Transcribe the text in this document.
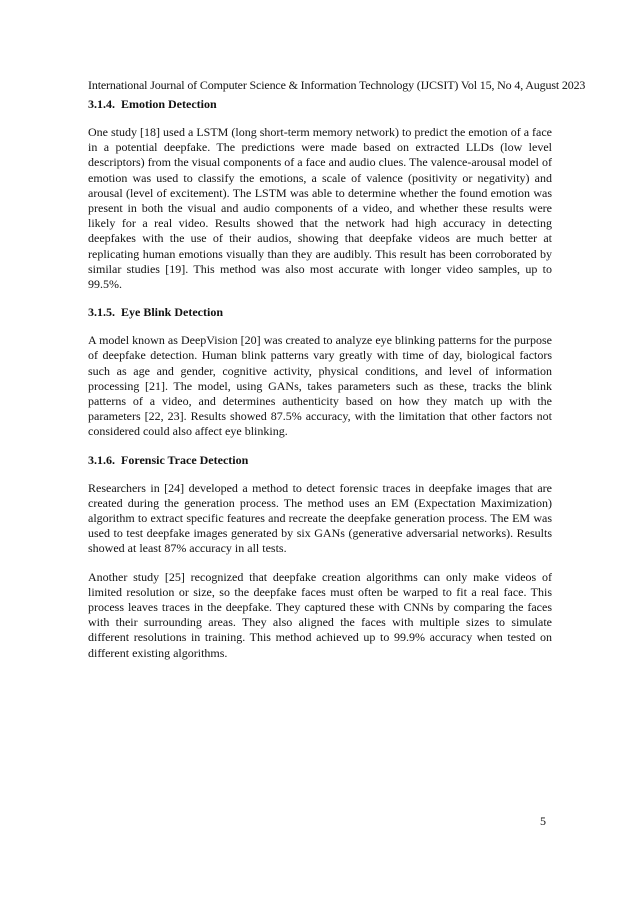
International Journal of Computer Science & Information Technology (IJCSIT) Vol 15, No 4, August 2023
3.1.4. Emotion Detection

One study [18] used a LSTM (long short-term memory network) to predict the emotion of a face in a potential deepfake. The predictions were made based on extracted LLDs (low level descriptors) from the visual components of a face and audio clues. The valence-arousal model of emotion was used to classify the emotions, a scale of valence (positivity or negativity) and arousal (level of excitement). The LSTM was able to determine whether the found emotion was present in both the visual and audio components of a video, and whether these results were likely for a real video. Results showed that the network had high accuracy in detecting deepfakes with the use of their audios, showing that deepfake videos are much better at replicating human emotions visually than they are audibly. This result has been corroborated by similar studies [19]. This method was also most accurate with longer video samples, up to 99.5%.

3.1.5. Eye Blink Detection

A model known as DeepVision [20] was created to analyze eye blinking patterns for the purpose of deepfake detection. Human blink patterns vary greatly with time of day, biological factors such as age and gender, cognitive activity, physical conditions, and level of information processing [21]. The model, using GANs, takes parameters such as these, tracks the blink patterns of a video, and determines authenticity based on how they match up with the parameters [22, 23]. Results showed 87.5% accuracy, with the limitation that other factors not considered could also affect eye blinking.

3.1.6. Forensic Trace Detection

Researchers in [24] developed a method to detect forensic traces in deepfake images that are created during the generation process. The method uses an EM (Expectation Maximization) algorithm to extract specific features and recreate the deepfake generation process. The EM was used to test deepfake images generated by six GANs (generative adversarial networks). Results showed at least 87% accuracy in all tests.

Another study [25] recognized that deepfake creation algorithms can only make videos of limited resolution or size, so the deepfake faces must often be warped to fit a real face. This process leaves traces in the deepfake. They captured these with CNNs by comparing the faces with their surrounding areas. They also aligned the faces with multiple sizes to simulate different resolutions in training. This method achieved up to 99.9% accuracy when tested on different existing algorithms.

5
